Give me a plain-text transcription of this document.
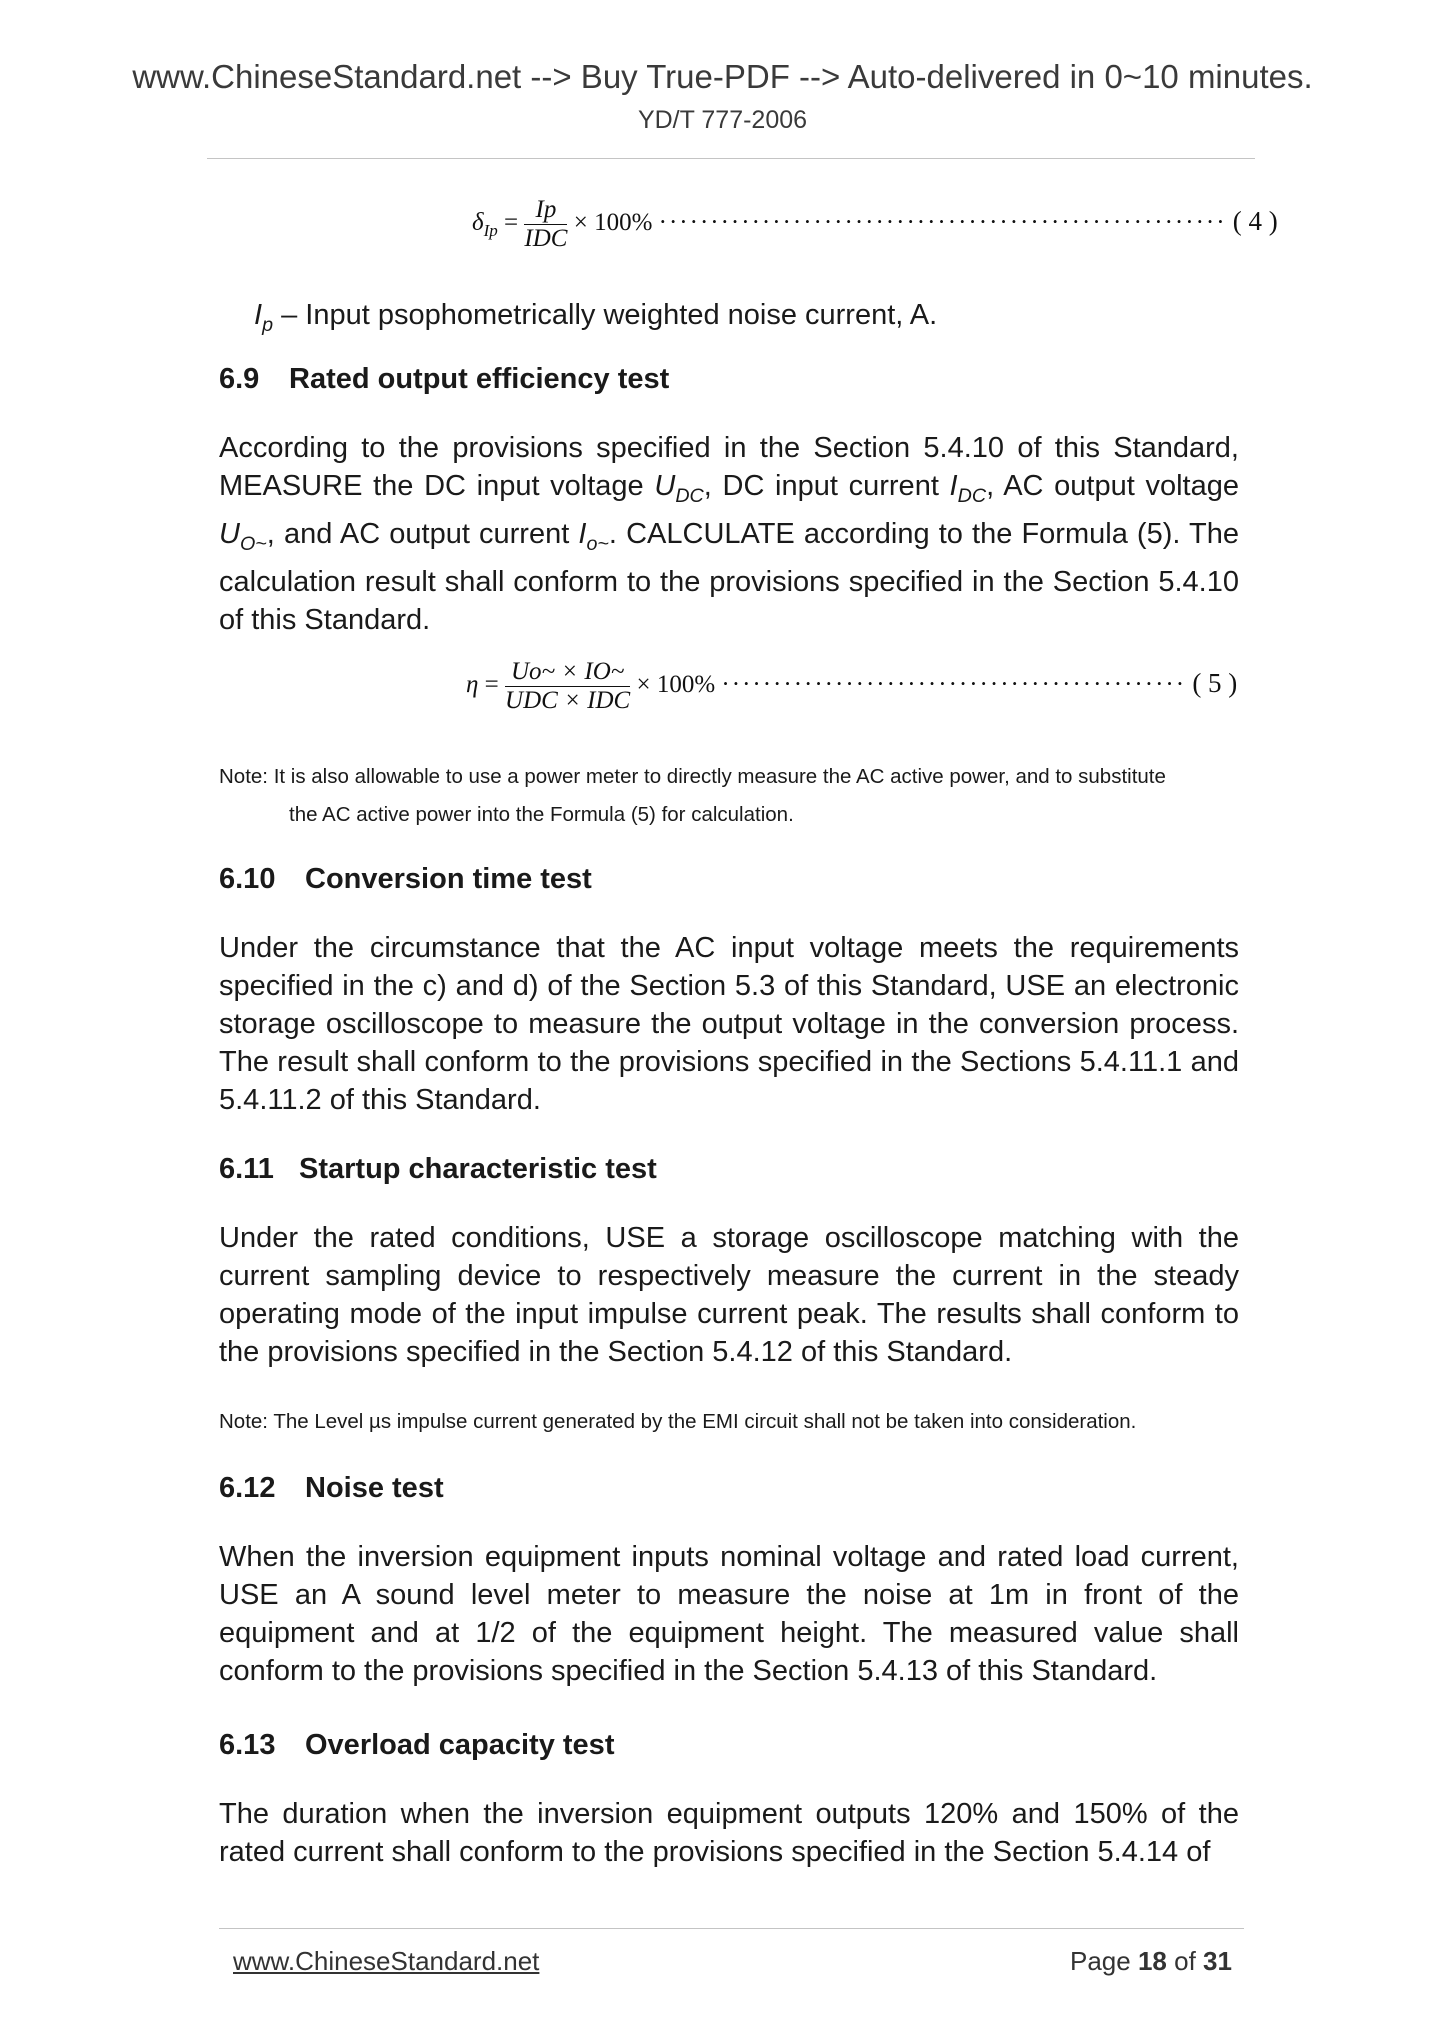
www.ChineseStandard.net --> Buy True-PDF --> Auto-delivered in 0~10 minutes.
YD/T 777-2006
$\delta_{Ip} = \frac{Ip}{\text{IDC}} \times 100\%$ ······················································· ( 4 )
$I_p$ – Input psophometrically weighted noise current, A.
6.9 Rated output efficiency test
According to the provisions specified in the Section 5.4.10 of this Standard, MEASURE the DC input voltage $U_{DC}$, DC input current $I_{DC}$, AC output voltage $U_{O\sim}$, and AC output current $I_{o\sim}$. CALCULATE according to the Formula (5). The calculation result shall conform to the provisions specified in the Section 5.4.10 of this Standard.
$\eta = \frac{Uo\sim \times IO\sim}{\text{UDC × IDC}} \times 100\%$ ············································· ( 5 )
Note: It is also allowable to use a power meter to directly measure the AC active power, and to substitute
the AC active power into the Formula (5) for calculation.
6.10 Conversion time test
Under the circumstance that the AC input voltage meets the requirements specified in the c) and d) of the Section 5.3 of this Standard, USE an electronic storage oscilloscope to measure the output voltage in the conversion process. The result shall conform to the provisions specified in the Sections 5.4.11.1 and 5.4.11.2 of this Standard.
6.11 Startup characteristic test
Under the rated conditions, USE a storage oscilloscope matching with the current sampling device to respectively measure the current in the steady operating mode of the input impulse current peak. The results shall conform to the provisions specified in the Section 5.4.12 of this Standard.
Note: The Level µs impulse current generated by the EMI circuit shall not be taken into consideration.
6.12 Noise test
When the inversion equipment inputs nominal voltage and rated load current, USE an A sound level meter to measure the noise at 1m in front of the equipment and at 1/2 of the equipment height. The measured value shall conform to the provisions specified in the Section 5.4.13 of this Standard.
6.13 Overload capacity test
The duration when the inversion equipment outputs 120% and 150% of the rated current shall conform to the provisions specified in the Section 5.4.14 of
www.ChineseStandard.net	Page 18 of 31
